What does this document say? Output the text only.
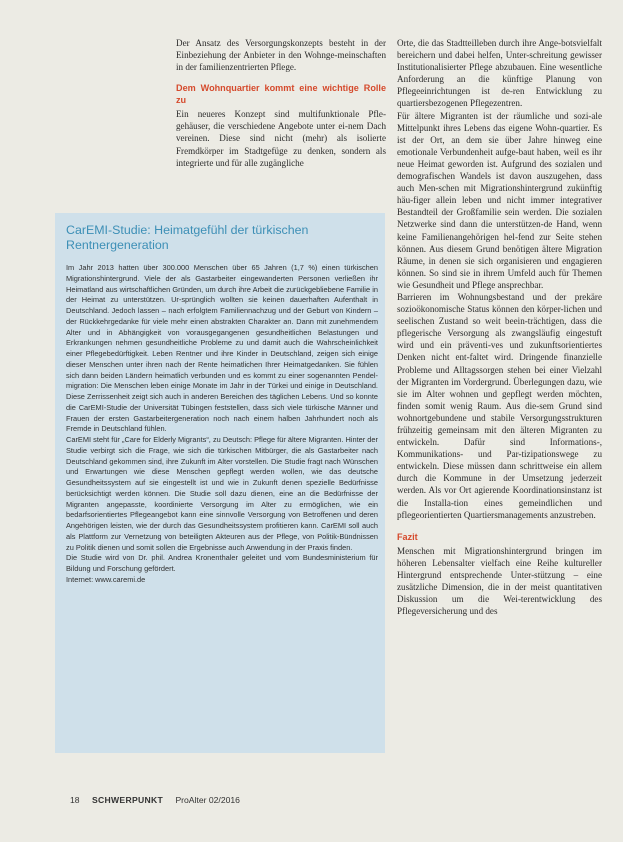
Der Ansatz des Versorgungskonzepts besteht in der Einbeziehung der Anbieter in den Wohnge-meinschaften in der familienzentrierten Pflege.

Dem Wohnquartier kommt eine wichtige Rolle zu

Ein neueres Konzept sind multifunktionale Pfle-gehäuser, die verschiedene Angebote unter ei-nem Dach vereinen. Diese sind nicht (mehr) als isolierte Fremdkörper im Stadtgefüge zu denken, sondern als integrierte und für alle zugängliche

CarEMI-Studie: Heimatgefühl der türkischen Rentnergeneration

Im Jahr 2013 hatten über 300.000 Menschen über 65 Jahren (1,7 %) einen türkischen Migrationshintergrund. Viele der als Gastarbeiter eingewanderten Personen verließen ihr Heimatland aus wirtschaftlichen Gründen, um durch ihre Arbeit die zurückgebliebene Familie in der Heimat zu unterstützen. Ur-sprünglich wollten sie keinen dauerhaften Aufenthalt in Deutschland. Jedoch lassen – nach erfolgtem Familiennachzug und der Geburt von Kindern – der Rückkehrgedanke für viele mehr einen abstrakten Charakter an. Dann mit zunehmendem Alter und in Abhängigkeit von vorausgegangenen gesundheitlichen Belastungen und Erkrankungen nehmen gesundheitliche Probleme zu und damit auch die Wahrscheinlichkeit einer Pflegebedürftigkeit. Leben Rentner und ihre Kinder in Deutschland, zeigen sich einige dieser Menschen unter ihren nach der Rente heimatlichen Ihrer Heimatgedanken. Sie fühlen sich dann beiden Ländern heimatlich verbunden und es kommt zu einer sogenannten Pendel-migration: Die Menschen leben einige Monate im Jahr in der Türkei und einige in Deutschland. Diese Zerrissenheit zeigt sich auch in anderen Bereichen des täglichen Lebens. Und so konnte die CarEMI-Studie der Universität Tübingen feststellen, dass sich viele türkische Männer und Frauen der ersten Gastarbeitergeneration noch nach einem halben Jahrhundert noch als Fremde in Deutschland fühlen.

CarEMI steht für „Care for Elderly Migrants“, zu Deutsch: Pflege für ältere Migranten. Hinter der Studie verbirgt sich die Frage, wie sich die türkischen Mitbürger, die als Gastarbeiter nach Deutschland gekommen sind, ihre Zukunft im Alter vorstellen. Die Studie fragt nach Wünschen und Erwartungen wie diese Menschen gepflegt werden wollen, wie das deutsche Gesundheitssystem auf sie eingestellt ist und wie in Zukunft denen spezielle Bedürfnisse berücksichtigt werden können. Die Studie soll dazu dienen, eine an die Bedürfnisse der Migranten angepasste, koordinierte Versorgung im Alter zu ermöglichen, wie ein bedarfsorientiertes Pflegeangebot kann eine sinnvolle Versorgung von Betroffenen und deren Angehörigen leisten, wie der durch das Gesundheitssystem profitieren kann. CarEMI soll auch als Plattform zur Vernetzung von beteiligten Akteuren aus der Pflege, von Politik-Bündnissen zu Politik dienen und somit sollen die Ergebnisse auch Anwendung in der Praxis finden.

Die Studie wird von Dr. phil. Andrea Kronenthaler geleitet und vom Bundesministerium für Bildung und Forschung gefördert.

Internet: www.caremi.de

Orte, die das Stadtteilleben durch ihre Ange-botsvielfalt bereichern und dabei helfen, Unter-schreitung gewisser Institutionalisierter Pflege abzubauen. Eine wesentliche Anforderung an die künftige Planung von Pflegeeinrichtungen ist de-ren Entwicklung zu quartiersbezogenen Pflegezentren.

Für ältere Migranten ist der räumliche und sozi-ale Mittelpunkt ihres Lebens das eigene Wohn-quartier. Es ist der Ort, an dem sie über Jahre hinweg eine emotionale Verbundenheit aufge-baut haben, weil es ihr neue Heimat geworden ist. Aufgrund des sozialen und demografischen Wandels ist davon auszugehen, dass auch Men-schen mit Migrationshintergrund zukünftig häu-figer allein leben und nicht immer integrativer Bestandteil der Großfamilie sein werden. Die sozialen Netzwerke sind dann die unterstützen-de Hand, wenn keine Familienangehörigen hel-fend zur Seite stehen können. Aus diesem Grund benötigen ältere Migration Räume, in denen sie sich organisieren und engagieren können. So sind sie in ihrem Umfeld auch für Themen wie Gesundheit und Pflege ansprechbar.

Barrieren im Wohnungsbestand und der prekäre sozioökonomische Status können den körper-lichen und seelischen Zustand so weit beein-trächtigen, dass die pflegerische Versorgung als zwangsläufig eingestuft wird und ein präventi-ves und zukunftsorientiertes Denken nicht ent-faltet wird. Dringende finanzielle Probleme und Alltagssorgen stehen bei einer Vielzahl der Migranten im Vordergrund. Überlegungen dazu, wie sie im Alter wohnen und gepflegt werden möchten, finden somit wenig Raum. Aus die-sem Grund sind wohnortgebundene und stabile Versorgungsstrukturen frühzeitig gemeinsam mit den älteren Migranten zu entwickeln. Dafür sind Informations-, Kommunikations- und Par-tizipationswege zu entwickeln. Diese müssen dann schrittweise ein allem durch die Kommune in der Umsetzung jederzeit werden. Als vor Ort agierende Koordinationsinstanz ist die Installa-tion eines gemeindlichen und pflegeorientierten Quartiersmanagements anzustreben.

Fazit

Menschen mit Migrationshintergrund bringen im höheren Lebensalter vielfach eine Reihe kultureller Hintergrund entsprechende Unter-stützung – eine zusätzliche Dimension, die in der meist quantitativen Diskussion um die Wei-terentwicklung des Pflegeversicherung und des

18 SCHWERPUNKT ProAlter 02/2016
